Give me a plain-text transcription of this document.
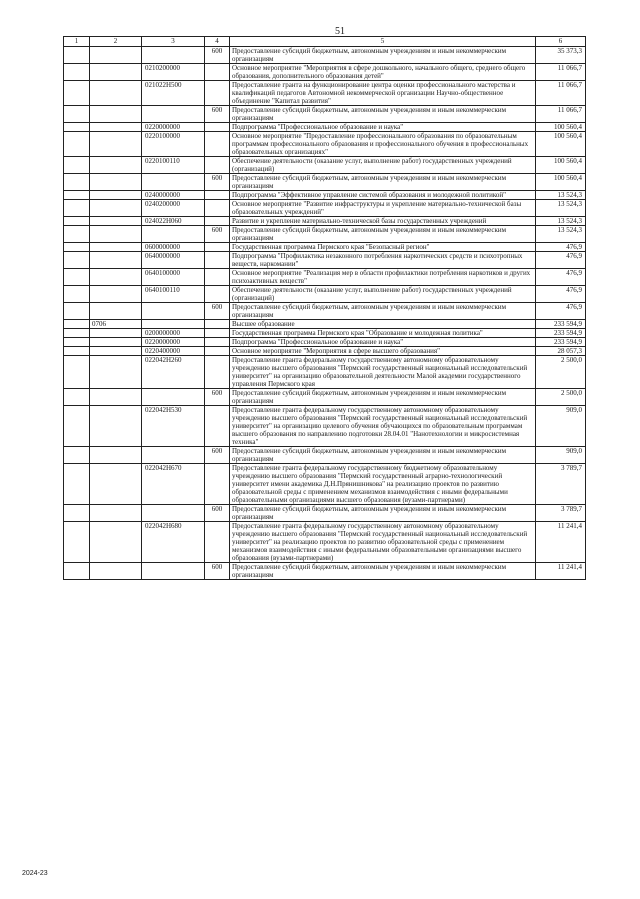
51
1	2	3	4	5	6
			600	Предоставление субсидий бюджетным, автономным учреждениям и иным некоммерческим организациям	35 373,3
		0210200000		Основное мероприятие "Мероприятия в сфере дошкольного, начального общего, среднего общего образования, дополнительного образования детей"	11 066,7
		021022Н500		Предоставление гранта на функционирование центра оценки профессионального мастерства и квалификаций педагогов Автономной некоммерческой организации Научно-общественное объединение "Капитал развития"	11 066,7
			600	Предоставление субсидий бюджетным, автономным учреждениям и иным некоммерческим организациям	11 066,7
		0220000000		Подпрограмма "Профессиональное образование и наука"	100 560,4
		0220100000		Основное мероприятие "Предоставление профессионального образования по образовательным программам профессионального образования и профессионального обучения в профессиональных образовательных организациях"	100 560,4
		0220100110		Обеспечение деятельности (оказание услуг, выполнение работ) государственных учреждений (организаций)	100 560,4
			600	Предоставление субсидий бюджетным, автономным учреждениям и иным некоммерческим организациям	100 560,4
		0240000000		Подпрограмма "Эффективное управление системой образования и молодежной политикой"	13 524,3
		0240200000		Основное мероприятие "Развитие инфраструктуры и укрепление материально-технической базы образовательных учреждений"	13 524,3
		024022Н060		Развитие и укрепление материально-технической базы государственных учреждений	13 524,3
			600	Предоставление субсидий бюджетным, автономным учреждениям и иным некоммерческим организациям	13 524,3
		0600000000		Государственная программа Пермского края "Безопасный регион"	476,9
		0640000000		Подпрограмма "Профилактика незаконного потребления наркотических средств и психотропных веществ, наркомании"	476,9
		0640100000		Основное мероприятие "Реализация мер в области профилактики потребления наркотиков и других психоактивных веществ"	476,9
		0640100110		Обеспечение деятельности (оказание услуг, выполнение работ) государственных учреждений (организаций)	476,9
			600	Предоставление субсидий бюджетным, автономным учреждениям и иным некоммерческим организациям	476,9
	0706			Высшее образование	233 594,9
		0200000000		Государственная программа Пермского края "Образование и молодежная политика"	233 594,9
		0220000000		Подпрограмма "Профессиональное образование и наука"	233 594,9
		0220400000		Основное мероприятие "Мероприятия в сфере высшего образования"	28 057,3
		022042Н260		Предоставление гранта федеральному государственному автономному образовательному учреждению высшего образования "Пермский государственный национальный исследовательский университет" на организацию образовательной деятельности Малой академии государственного управления Пермского края	2 500,0
			600	Предоставление субсидий бюджетным, автономным учреждениям и иным некоммерческим организациям	2 500,0
		022042Н530		Предоставление гранта федеральному государственному автономному образовательному учреждению высшего образования "Пермский государственный национальный исследовательский университет" на организацию целевого обучения обучающихся по образовательным программам высшего образования по направлению подготовки 28.04.01 "Нанотехнологии и микросистемная техника"	909,0
			600	Предоставление субсидий бюджетным, автономным учреждениям и иным некоммерческим организациям	909,0
		022042Н670		Предоставление гранта федеральному государственному бюджетному образовательному учреждению высшего образования "Пермский государственный аграрно-технологический университет имени академика Д.Н.Прянишникова" на реализацию проектов по развитию образовательной среды с применением механизмов взаимодействия с иными федеральными образовательными организациями высшего образования (вузами-партнерами)	3 789,7
			600	Предоставление субсидий бюджетным, автономным учреждениям и иным некоммерческим организациям	3 789,7
		022042Н680		Предоставление гранта федеральному государственному автономному образовательному учреждению высшего образования "Пермский государственный национальный исследовательский университет" на реализацию проектов по развитию образовательной среды с применением механизмов взаимодействия с иными федеральными образовательными организациями высшего образования (вузами-партнерами)	11 241,4
			600	Предоставление субсидий бюджетным, автономным учреждениям и иным некоммерческим организациям	11 241,4
2024-23
